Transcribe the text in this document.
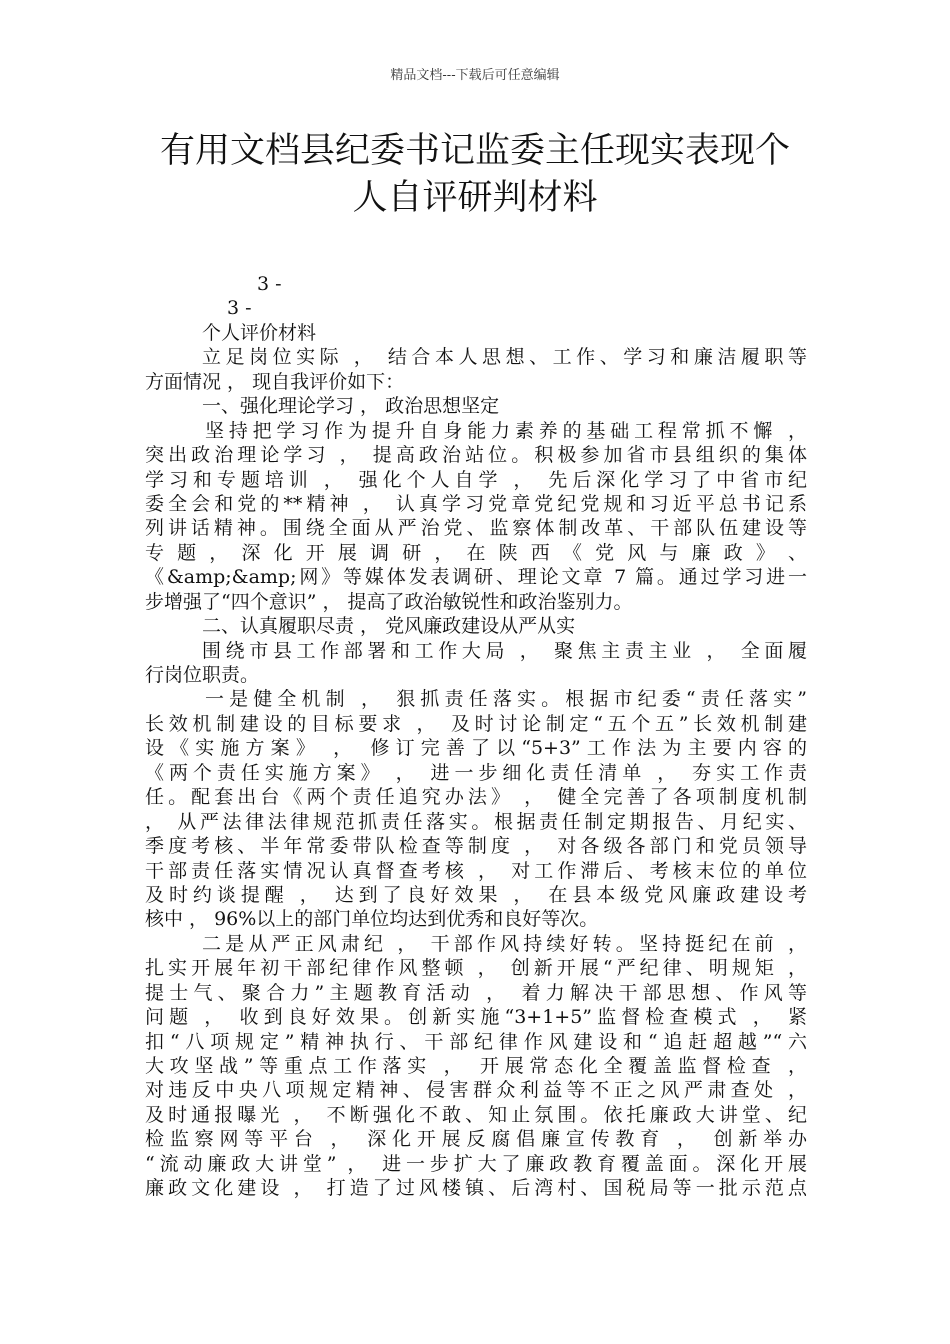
精品文档---下载后可任意编辑
有用文档县纪委书记监委主任现实表现个
人自评研判材料
3 -
3 -
个人评价材料
立足岗位实际 ， 结合本人思想、工作、学习和廉洁履职等
方面情况 ， 现自我评价如下：
一、强化理论学习 ， 政治思想坚定
坚持把学习作为提升自身能力素养的基础工程常抓不懈 ，
突出政治理论学习 ， 提高政治站位。积极参加省市县组织的集体
学习和专题培训 ， 强化个人自学 ， 先后深化学习了中省市纪
委全会和党的**精神 ， 认真学习党章党纪党规和习近平总书记系
列讲话精神。围绕全面从严治党、监察体制改革、干部队伍建设等
专 题 ， 深 化 开 展 调 研 ， 在 陕 西 《 党 风 与 廉 政 》 、
《&amp;&amp;网》等媒体发表调研、理论文章 7 篇。通过学习进一
步增强了“四个意识” ， 提高了政治敏锐性和政治鉴别力。
二、认真履职尽责 ， 党风廉政建设从严从实
围绕市县工作部署和工作大局 ， 聚焦主责主业 ， 全面履
行岗位职责。
一是健全机制 ， 狠抓责任落实。根据市纪委“责任落实”
长效机制建设的目标要求 ， 及时讨论制定“五个五”长效机制建
设《实施方案》 ， 修订完善了以“5+3”工作法为主要内容的
《两个责任实施方案》 ， 进一步细化责任清单 ， 夯实工作责
任。配套出台《两个责任追究办法》 ， 健全完善了各项制度机制
， 从严法律法律规范抓责任落实。根据责任制定期报告、月纪实、
季度考核、半年常委带队检查等制度 ， 对各级各部门和党员领导
干部责任落实情况认真督查考核 ， 对工作滞后、考核末位的单位
及时约谈提醒 ， 达到了良好效果 ， 在县本级党风廉政建设考
核中 ， 96%以上的部门单位均达到优秀和良好等次。
二是从严正风肃纪 ， 干部作风持续好转。坚持挺纪在前 ，
扎实开展年初干部纪律作风整顿 ， 创新开展“严纪律、明规矩 ，
提士气、聚合力”主题教育活动 ， 着力解决干部思想、作风等
问题 ， 收到良好效果。创新实施“3+1+5”监督检查模式 ， 紧
扣“八项规定”精神执行、干部纪律作风建设和“追赶超越”“六
大攻坚战”等重点工作落实 ， 开展常态化全覆盖监督检查 ，
对违反中央八项规定精神、侵害群众利益等不正之风严肃查处 ，
及时通报曝光 ， 不断强化不敢、知止氛围。依托廉政大讲堂、纪
检监察网等平台 ， 深化开展反腐倡廉宣传教育 ， 创新举办
“流动廉政大讲堂” ， 进一步扩大了廉政教育覆盖面。深化开展
廉政文化建设 ， 打造了过风楼镇、后湾村、国税局等一批示范点
